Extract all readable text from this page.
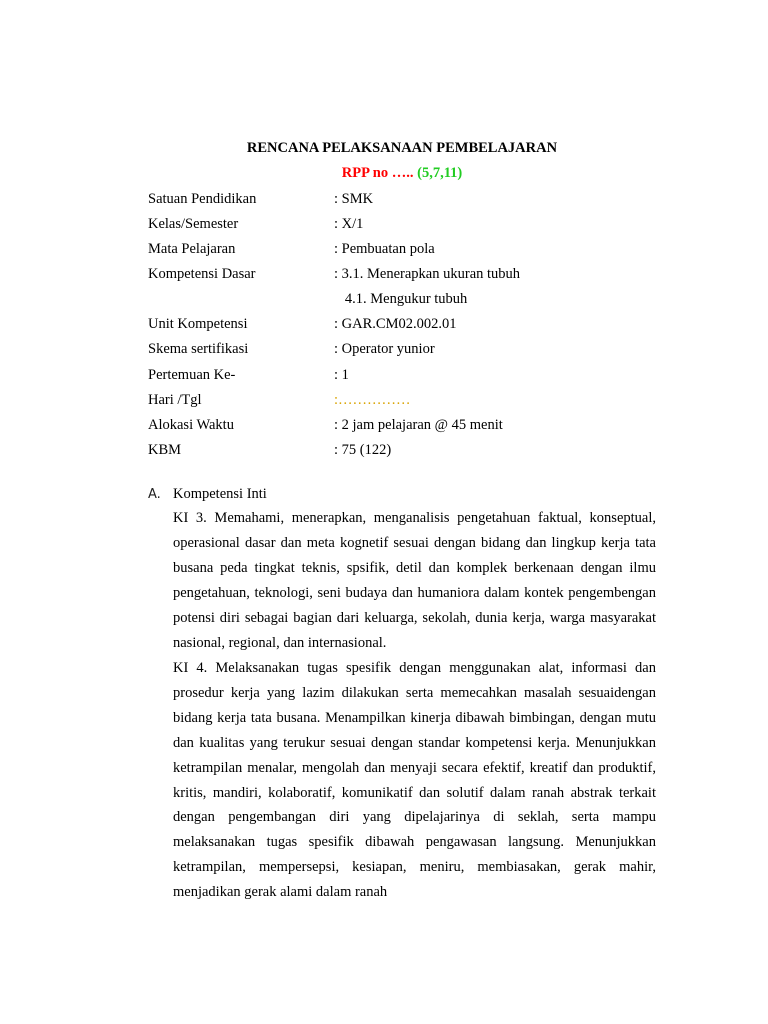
RENCANA PELAKSANAAN PEMBELAJARAN
RPP no ….. (5,7,11)
Satuan Pendidikan	: SMK
Kelas/Semester	: X/1
Mata Pelajaran	: Pembuatan pola
Kompetensi Dasar	: 3.1. Menerapkan ukuran tubuh
4.1. Mengukur tubuh
Unit Kompetensi	: GAR.CM02.002.01
Skema sertifikasi	: Operator yunior
Pertemuan Ke-	: 1
Hari /Tgl	:……………
Alokasi Waktu	: 2 jam pelajaran @ 45 menit
KBM	: 75 (122)
A. Kompetensi Inti

KI 3. Memahami, menerapkan, menganalisis pengetahuan faktual, konseptual, operasional dasar dan meta kognetif sesuai dengan bidang dan lingkup kerja tata busana peda tingkat teknis, spsifik, detil dan komplek berkenaan dengan ilmu pengetahuan, teknologi, seni budaya dan humaniora dalam kontek pengembengan potensi diri sebagai bagian dari keluarga, sekolah, dunia kerja, warga masyarakat nasional, regional, dan internasional.

KI 4. Melaksanakan tugas spesifik dengan menggunakan alat, informasi dan prosedur kerja yang lazim dilakukan serta memecahkan masalah sesuaidengan bidang kerja tata busana. Menampilkan kinerja dibawah bimbingan, dengan mutu dan kualitas yang terukur sesuai dengan standar kompetensi kerja. Menunjukkan ketrampilan menalar, mengolah dan menyaji secara efektif, kreatif dan produktif, kritis, mandiri, kolaboratif, komunikatif dan solutif dalam ranah abstrak terkait dengan pengembangan diri yang dipelajarinya di seklah, serta mampu melaksanakan tugas spesifik dibawah pengawasan langsung. Menunjukkan ketrampilan, mempersepsi, kesiapan, meniru, membiasakan, gerak mahir, menjadikan gerak alami dalam ranah
